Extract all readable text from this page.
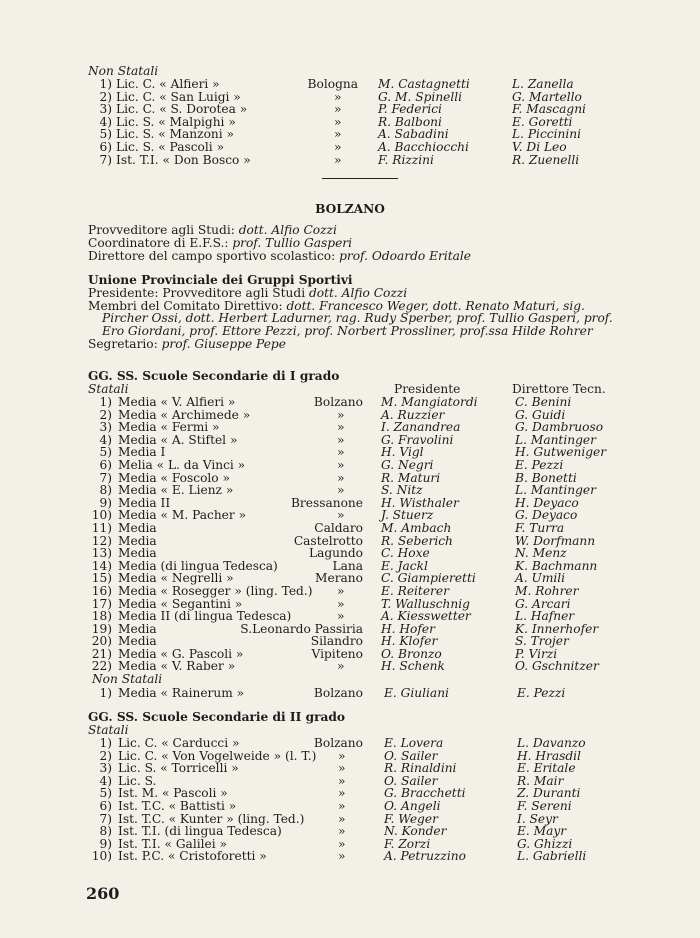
Non Statali
1) Lic. C. « Alfieri »	Bologna M. Castagnetti	L. Zanella
2) Lic. C. « San Luigi »	»	G. M. Spinelli	G. Martello
3) Lic. C. « S. Dorotea »	»	P. Federici	F. Mascagni
4) Lic. S. « Malpighi »	»	R. Balboni	E. Goretti
5) Lic. S. « Manzoni »	»	A. Sabadini	L. Piccinini
6) Lic. S. « Pascoli »	»	A. Bacchiocchi	V. Di Leo
7) Ist. T.I. « Don Bosco »	»	F. Rizzini	R. Zuenelli
BOLZANO
Provveditore agli Studi: dott. Alfio Cozzi
Coordinatore di E.F.S.: prof. Tullio Gasperi
Direttore del campo sportivo scolastico: prof. Odoardo Eritale
Unione Provinciale dei Gruppi Sportivi
Presidente: Provveditore agli Studi dott. Alfio Cozzi
Membri del Comitato Direttivo: dott. Francesco Weger, dott. Renato Maturi, sig. Pircher Ossi, dott. Herbert Ladurner, rag. Rudy Sperber, prof. Tullio Gasperi, prof. Ero Giordani, prof. Ettore Pezzi, prof. Norbert Prossliner, prof.ssa Hilde Rohrer
Segretario: prof. Giuseppe Pepe
GG. SS. Scuole Secondarie di I grado
Statali	Presidente	Direttore Tecn.
1) Media « V. Alfieri »	Bolzano M. Mangiatordi	C. Benini
2) Media « Archimede »	»	A. Ruzzier	G. Guidi
3) Media « Fermi »	»	I. Zanandrea	G. Dambruoso
4) Media « A. Stiftel »	»	G. Fravolini	L. Mantinger
5) Media I	»	H. Vigl	H. Gutweniger
6) Melia « L. da Vinci »	»	G. Negri	E. Pezzi
7) Media « Foscolo »	»	R. Maturi	B. Bonetti
8) Media « E. Lienz »	»	S. Nitz	L. Mantinger
9) Media II	Bressanone H. Wisthaler	H. Deyaco
10) Media « M. Pacher »	»	J. Stuerz	G. Deyaco
11) Media	Caldaro M. Ambach	F. Turra
12) Media	Castelrotto R. Seberich	W. Dorfmann
13) Media	Lagundo C. Hoxe	N. Menz
14) Media (di lingua Tedesca)	Lana E. Jackl	K. Bachmann
15) Media « Negrelli »	Merano C. Giampieretti	A. Umili
16) Media « Rosegger » (ling. Ted.) »	E. Reiterer	M. Rohrer
17) Media « Segantini »	»	T. Walluschnig	G. Arcari
18) Media II (di lingua Tedesca)	»	A. Kiesswetter	L. Hafner
19) Media	S.Leonardo Passiria H. Hofer	K. Innerhofer
20) Media	Silandro H. Klofer	S. Trojer
21) Media « G. Pascoli »	Vipiteno O. Bronzo	P. Virzi
22) Media « V. Raber »	»	H. Schenk	O. Gschnitzer
Non Statali
1) Media « Rainerum »	Bolzano E. Giuliani	E. Pezzi
GG. SS. Scuole Secondarie di II grado
Statali
1) Lic. C. « Carducci »	Bolzano E. Lovera	L. Davanzo
2) Lic. C. « Von Vogelweide » (l. T.) »	O. Sailer	H. Hrasdil
3) Lic. S. « Torricelli »	»	R. Rinaldini	E. Eritale
4) Lic. S.	»	O. Sailer	R. Mair
5) Ist. M. « Pascoli »	»	G. Bracchetti	Z. Duranti
6) Ist. T.C. « Battisti »	»	O. Angeli	F. Sereni
7) Ist. T.C. « Kunter » (ling. Ted.)	»	F. Weger	I. Seyr
8) Ist. T.I. (di lingua Tedesca)	»	N. Konder	E. Mayr
9) Ist. T.I. « Galilei »	»	F. Zorzi	G. Ghizzi
10) Ist. P.C. « Cristoforetti »	»	A. Petruzzino	L. Gabrielli
260
